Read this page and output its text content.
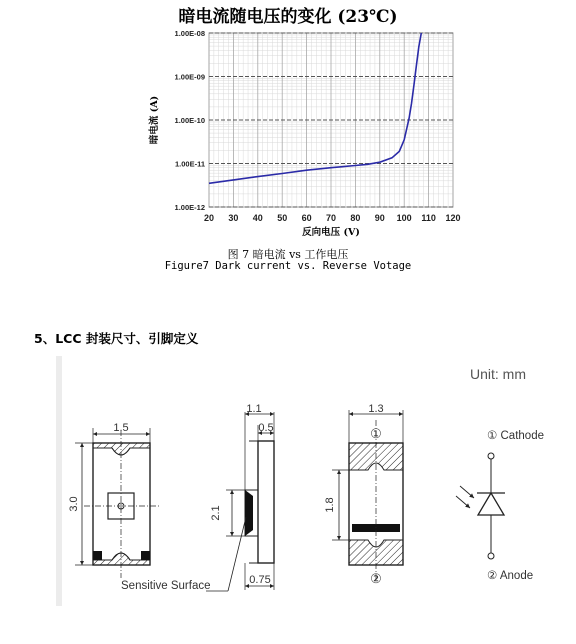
暗电流随电压的变化 (23℃)
1.00E-12
1.00E-11
1.00E-10
1.00E-09
1.00E-08
20 30 40 50 60 70 80 90 100 110 120
反向电压 (V)
暗电流 (A)
图 7 暗电流 vs 工作电压
Figure7 Dark current vs. Reverse Votage
5、LCC 封装尺寸、引脚定义
Unit: mm
1.5
3.0
1.1
0.5
2.1
0.75
Sensitive Surface
1.3
1.8
①
②
① Cathode
② Anode
